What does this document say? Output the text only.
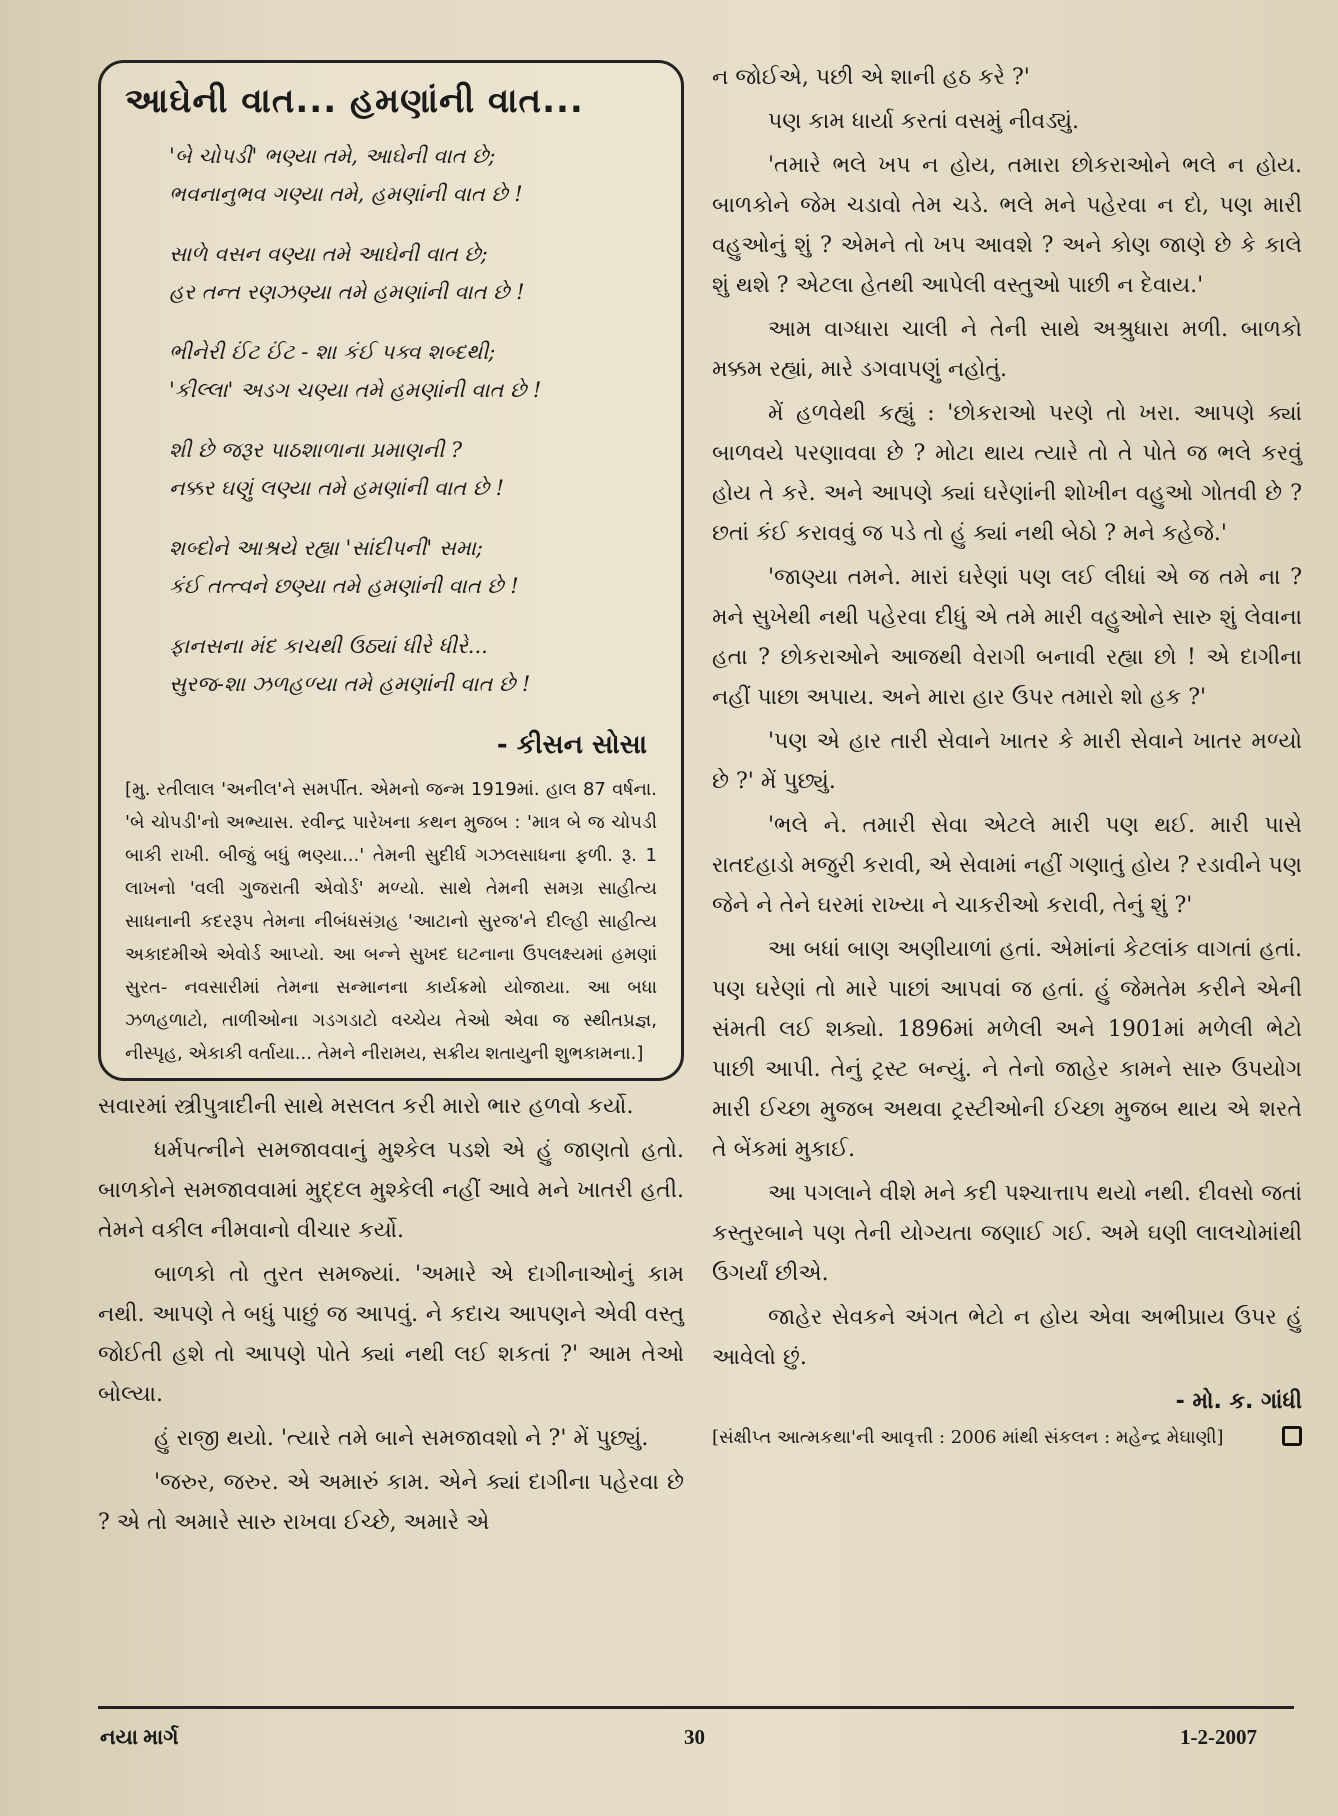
આઘેની વાત... હમણાંની વાત...
'બે ચોપડી' ભણ્યા તમે, આઘેની વાત છે;
ભવનાનુભવ ગણ્યા તમે, હમણાંની વાત છે !
સાળે વસન વણ્યા તમે આઘેની વાત છે;
હર તન્ત રણઝણ્યા તમે હમણાંની વાત છે !
ભીનેરી ઈંટ ઈંટ - શા કંઈ પક્વ શબ્દથી;
'કીલ્લા' અડગ ચણ્યા તમે હમણાંની વાત છે !
શી છે જરૂર પાઠશાળાના પ્રમાણની ?
નક્કર ઘણું લણ્યા તમે હમણાંની વાત છે !
શબ્દોને આશ્રયે રહ્યા 'સાંદીપની' સમા;
કંઈ તત્ત્વને છણ્યા તમે હમણાંની વાત છે !
ફાનસના મંદ કાચથી ઉઠ્યાં ધીરે ધીરે...
સુરજ-શા ઝળહળ્યા તમે હમણાંની વાત છે !
- કીસન સોસા

[મુ. રતીલાલ 'અનીલ'ને સમર્પીત. એમનો જન્મ 1919માં. હાલ 87 વર્ષના. 'બે ચોપડી'નો અભ્યાસ. રવીન્દ્ર પારેખના કથન મુજબ : 'માત્ર બે જ ચોપડી બાકી રાખી. બીજું બધું ભણ્યા...' તેમની સુદીર્ઘ ગઝલસાધના ફળી. રૂ. 1 લાખનો 'વલી ગુજરાતી એવોર્ડ' મળ્યો. સાથે તેમની સમગ્ર સાહીત્ય સાધનાની કદરરૂપ તેમના નીબંધસંગ્રહ 'આટાનો સુરજ'ને દીલ્હી સાહીત્ય અકાદમીએ એવોર્ડ આપ્યો. આ બન્ને સુખદ ઘટનાના ઉપલક્ષ્યમાં હમણાં સુરત- નવસારીમાં તેમના સન્માનના કાર્યક્રમો યોજાયા. આ બધા ઝળહળાટો, તાળીઓના ગડગડાટો વચ્ચેય તેઓ એવા જ સ્થીતપ્રજ્ઞ, નીસ્પૃહ, એકાકી વર્તાયા... તેમને નીરામય, સક્રીય શતાયુની શુભકામના.]

સવારમાં સ્ત્રીપુત્રાદીની સાથે મસલત કરી મારો ભાર હળવો કર્યો.

ધર્મપત્નીને સમજાવવાનું મુશ્કેલ પડશે એ હું જાણતો હતો. બાળકોને સમજાવવામાં મુદ્દલ મુશ્કેલી નહીં આવે મને ખાતરી હતી. તેમને વકીલ નીમવાનો વીચાર કર્યો.

બાળકો તો તુરત સમજ્યાં. 'અમારે એ દાગીનાઓનું કામ નથી. આપણે તે બધું પાછું જ આપવું. ને કદાચ આપણને એવી વસ્તુ જોઈતી હશે તો આપણે પોતે ક્યાં નથી લઈ શકતાં ?' આમ તેઓ બોલ્યા.

હું રાજી થયો. 'ત્યારે તમે બાને સમજાવશો ને ?' મેં પુછ્યું.

'જરુર, જરુર. એ અમારું કામ. એને ક્યાં દાગીના પહેરવા છે ? એ તો અમારે સારુ રાખવા ઈચ્છે, અમારે એ

ન જોઈએ, પછી એ શાની હઠ કરે ?'

પણ કામ ધાર્યા કરતાં વસમું નીવડ્યું.

'તમારે ભલે ખપ ન હોય, તમારા છોકરાઓને ભલે ન હોય. બાળકોને જેમ ચડાવો તેમ ચડે. ભલે મને પહેરવા ન દો, પણ મારી વહુઓનું શું ? એમને તો ખપ આવશે ? અને કોણ જાણે છે કે કાલે શું થશે ? એટલા હેતથી આપેલી વસ્તુઓ પાછી ન દેવાય.'

આમ વાગ્ધારા ચાલી ને તેની સાથે અશ્રુધારા મળી. બાળકો મક્કમ રહ્યાં, મારે ડગવાપણું નહોતું.

મેં હળવેથી કહ્યું : 'છોકરાઓ પરણે તો ખરા. આપણે ક્યાં બાળવયે પરણાવવા છે ? મોટા થાય ત્યારે તો તે પોતે જ ભલે કરવું હોય તે કરે. અને આપણે ક્યાં ઘરેણાંની શોખીન વહુઓ ગોતવી છે ? છતાં કંઈ કરાવવું જ પડે તો હું ક્યાં નથી બેઠો ? મને કહેજે.'

'જાણ્યા તમને. મારાં ઘરેણાં પણ લઈ લીધાં એ જ તમે ના ? મને સુખેથી નથી પહેરવા દીધું એ તમે મારી વહુઓને સારુ શું લેવાના હતા ? છોકરાઓને આજથી વેરાગી બનાવી રહ્યા છો ! એ દાગીના નહીં પાછા અપાય. અને મારા હાર ઉપર તમારો શો હક ?'

'પણ એ હાર તારી સેવાને ખાતર કે મારી સેવાને ખાતર મળ્યો છે ?' મેં પુછ્યું.

'ભલે ને. તમારી સેવા એટલે મારી પણ થઈ. મારી પાસે રાતદહાડો મજુરી કરાવી, એ સેવામાં નહીં ગણાતું હોય ? રડાવીને પણ જેને ને તેને ઘરમાં રાખ્યા ને ચાકરીઓ કરાવી, તેનું શું ?'

આ બધાં બાણ અણીયાળાં હતાં. એમાંનાં કેટલાંક વાગતાં હતાં. પણ ઘરેણાં તો મારે પાછાં આપવાં જ હતાં. હું જેમતેમ કરીને એની સંમતી લઈ શક્યો. 1896માં મળેલી અને 1901માં મળેલી ભેટો પાછી આપી. તેનું ટ્રસ્ટ બન્યું. ને તેનો જાહેર કામને સારુ ઉપયોગ મારી ઈચ્છા મુજબ અથવા ટ્રસ્ટીઓની ઈચ્છા મુજબ થાય એ શરતે તે બેંકમાં મુકાઈ.

આ પગલાને વીશે મને કદી પશ્ચાત્તાપ થયો નથી. દીવસો જતાં કસ્તુરબાને પણ તેની યોગ્યતા જણાઈ ગઈ. અમે ઘણી લાલચોમાંથી ઉગર્યાં છીએ.

જાહેર સેવકને અંગત ભેટો ન હોય એવા અભીપ્રાય ઉપર હું આવેલો છું.

- મો. ક. ગાંધી

[સંક્ષીપ્ત આત્મકથા'ની આવૃત્તી : 2006 માંથી સંકલન : મહેન્દ્ર મેઘાણી]

નયા માર્ગ	30	1-2-2007
